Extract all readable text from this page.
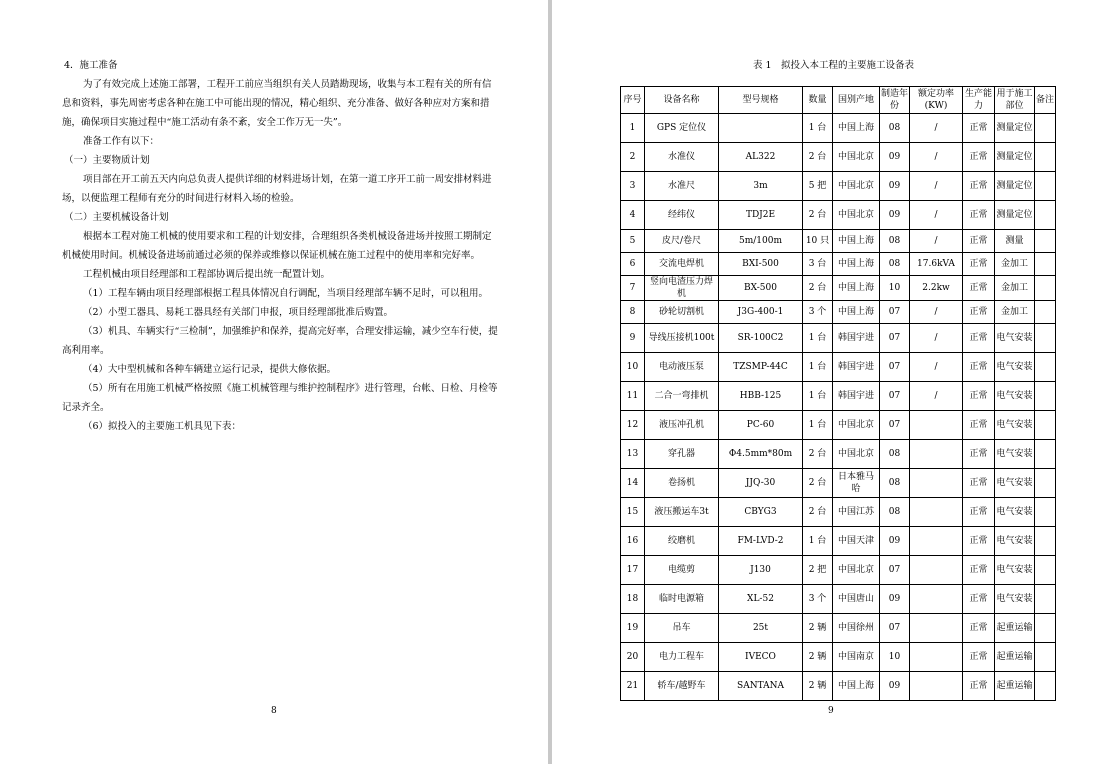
4．施工准备

为了有效完成上述施工部署，工程开工前应当组织有关人员踏勘现场，收集与本工程有关的所有信息和资料，事先周密考虑各种在施工中可能出现的情况，精心组织、充分准备、做好各种应对方案和措施，确保项目实施过程中“施工活动有条不紊，安全工作万无一失”。

准备工作有以下：

（一）主要物质计划

项目部在开工前五天内向总负责人提供详细的材料进场计划，在第一道工序开工前一周安排材料进场，以便监理工程师有充分的时间进行材料入场的检验。

（二）主要机械设备计划

根据本工程对施工机械的使用要求和工程的计划安排，合理组织各类机械设备进场并按照工期制定机械使用时间。机械设备进场前通过必须的保养或维修以保证机械在施工过程中的使用率和完好率。

工程机械由项目经理部和工程部协调后提出统一配置计划。

（1）工程车辆由项目经理部根据工程具体情况自行调配，当项目经理部车辆不足时，可以租用。

（2）小型工器具、易耗工器具经有关部门申报，项目经理部批准后购置。

（3）机具、车辆实行“三检制”，加强维护和保养，提高完好率，合理安排运输，减少空车行使，提高利用率。

（4）大中型机械和各种车辆建立运行记录，提供大修依据。

（5）所有在用施工机械严格按照《施工机械管理与维护控制程序》进行管理，台帐、日检、月检等记录齐全。

（6）拟投入的主要施工机具见下表：

8
表 1　拟投入本工程的主要施工设备表
序号	设备名称	型号规格	数量	国别产地	制造年份	额定功率(KW)	生产能力	用于施工部位	备注
1	GPS 定位仪		1 台	中国上海	08	/	正常	测量定位	
2	水准仪	AL322	2 台	中国北京	09	/	正常	测量定位	
3	水准尺	3m	5 把	中国北京	09	/	正常	测量定位	
4	经纬仪	TDJ2E	2 台	中国北京	09	/	正常	测量定位	
5	皮尺/卷尺	5m/100m	10 只	中国上海	08	/	正常	测量	
6	交流电焊机	BXI-500	3 台	中国上海	08	17.6kVA	正常	金加工	
7	竖向电渣压力焊机	BX-500	2 台	中国上海	10	2.2kw	正常	金加工	
8	砂轮切割机	J3G-400-1	3 个	中国上海	07	/	正常	金加工	
9	导线压接机100t	SR-100C2	1 台	韩国宇进	07	/	正常	电气安装	
10	电动液压泵	TZSMP-44C	1 台	韩国宇进	07	/	正常	电气安装	
11	二合一弯排机	HBB-125	1 台	韩国宇进	07	/	正常	电气安装	
12	液压冲孔机	PC-60	1 台	中国北京	07		正常	电气安装	
13	穿孔器	Φ4.5mm*80m	2 台	中国北京	08		正常	电气安装	
14	卷扬机	JJQ-30	2 台	日本雅马哈	08		正常	电气安装	
15	液压搬运车3t	CBYG3	2 台	中国江苏	08		正常	电气安装	
16	绞磨机	FM-LVD-2	1 台	中国天津	09		正常	电气安装	
17	电缆剪	J130	2 把	中国北京	07		正常	电气安装	
18	临时电源箱	XL-52	3 个	中国唐山	09		正常	电气安装	
19	吊车	25t	2 辆	中国徐州	07		正常	起重运输	
20	电力工程车	IVECO	2 辆	中国南京	10		正常	起重运输	
21	轿车/越野车	SANTANA	2 辆	中国上海	09		正常	起重运输	
9
